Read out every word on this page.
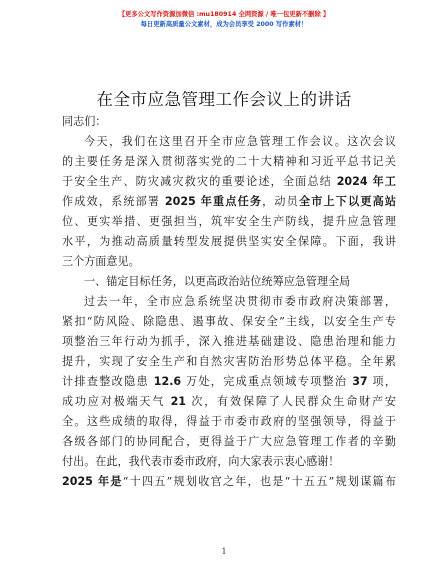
【更多公文写作资源加微信 :mu180914 全网资源 / 唯一包更新不删除 】
每日更新高质量公文素材，成为会员享受 2000 写作素材！
在全市应急管理工作会议上的讲话
同志们：
今天，我们在这里召开全市应急管理工作会议。这次会议
的主要任务是深入贯彻落实党的二十大精神和习近平总书记关
于安全生产、防灾减灾救灾的重要论述，全面总结 2024 年工
作成效，系统部署 2025 年重点任务，动员全市上下以更高站
位、更实举措、更强担当，筑牢安全生产防线，提升应急管理
水平，为推动高质量转型发展提供坚实安全保障。下面，我讲
三个方面意见。
一、锚定目标任务，以更高政治站位统筹应急管理全局
过去一年，全市应急系统坚决贯彻市委市政府决策部署，
紧扣“防风险、除隐患、遏事故、保安全”主线，以安全生产专
项整治三年行动为抓手，深入推进基础建设、隐患治理和能力
提升，实现了安全生产和自然灾害防治形势总体平稳。全年累
计排查整改隐患 12.6 万处，完成重点领域专项整治 37 项，
成功应对极端天气 21 次，有效保障了人民群众生命财产安
全。这些成绩的取得，得益于市委市政府的坚强领导，得益于
各级各部门的协同配合，更得益于广大应急管理工作者的辛勤
付出。在此，我代表市委市政府，向大家表示衷心感谢！
2025 年是“十四五”规划收官之年，也是“十五五”规划谋篇布
1
